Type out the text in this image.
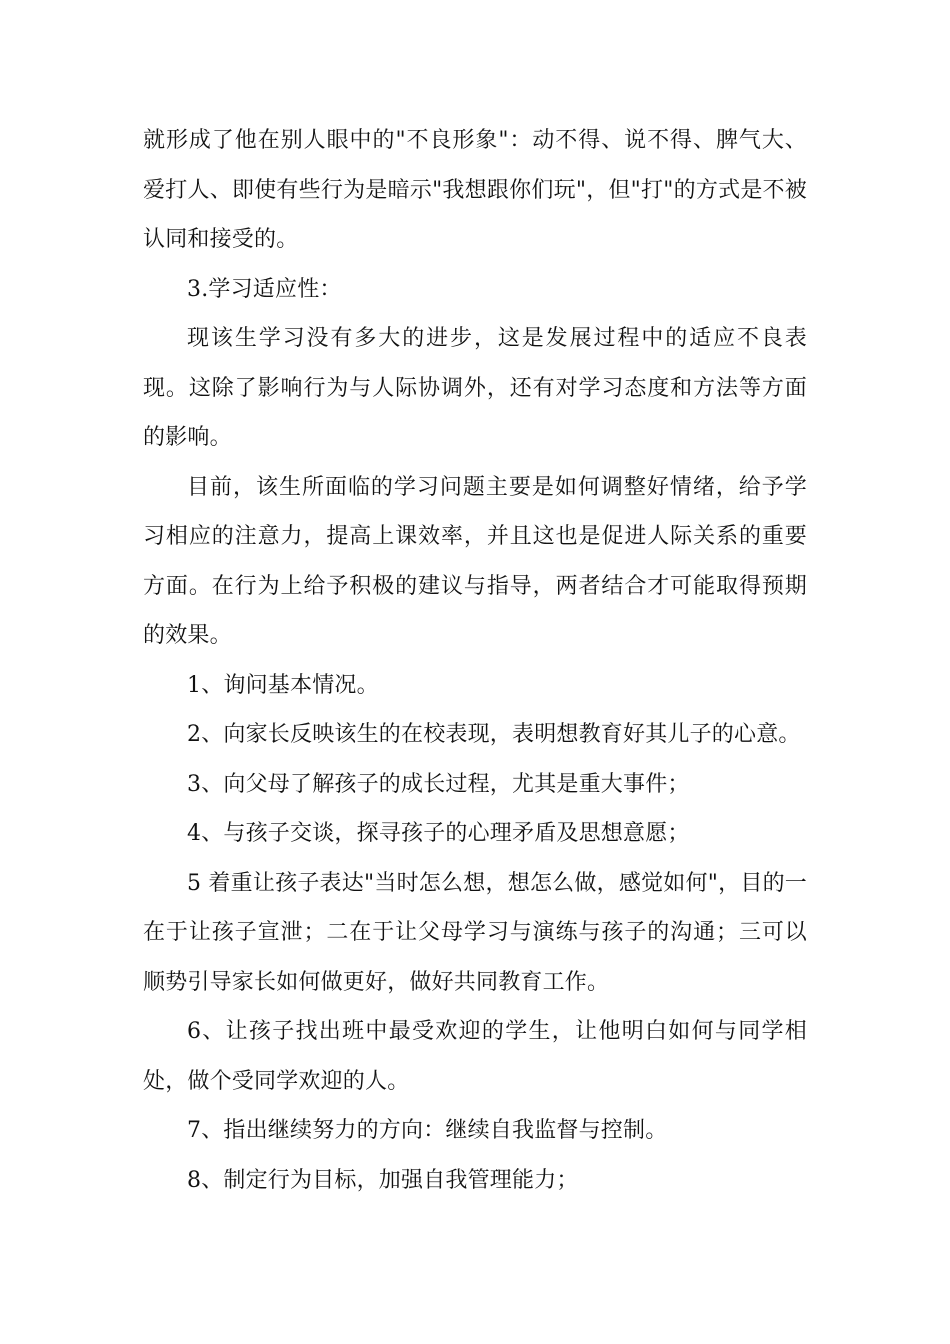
就形成了他在别人眼中的"不良形象"：动不得、说不得、脾气大、爱打人、即使有些行为是暗示"我想跟你们玩"，但"打"的方式是不被认同和接受的。

3.学习适应性：

现该生学习没有多大的进步，这是发展过程中的适应不良表现。这除了影响行为与人际协调外，还有对学习态度和方法等方面的影响。

目前，该生所面临的学习问题主要是如何调整好情绪，给予学习相应的注意力，提高上课效率，并且这也是促进人际关系的重要方面。在行为上给予积极的建议与指导，两者结合才可能取得预期的效果。

1、询问基本情况。

2、向家长反映该生的在校表现，表明想教育好其儿子的心意。

3、向父母了解孩子的成长过程，尤其是重大事件；

4、与孩子交谈，探寻孩子的心理矛盾及思想意愿；

5 着重让孩子表达"当时怎么想，想怎么做，感觉如何"，目的一在于让孩子宣泄；二在于让父母学习与演练与孩子的沟通；三可以顺势引导家长如何做更好，做好共同教育工作。

6、让孩子找出班中最受欢迎的学生，让他明白如何与同学相处，做个受同学欢迎的人。

7、指出继续努力的方向：继续自我监督与控制。

8、制定行为目标，加强自我管理能力；
